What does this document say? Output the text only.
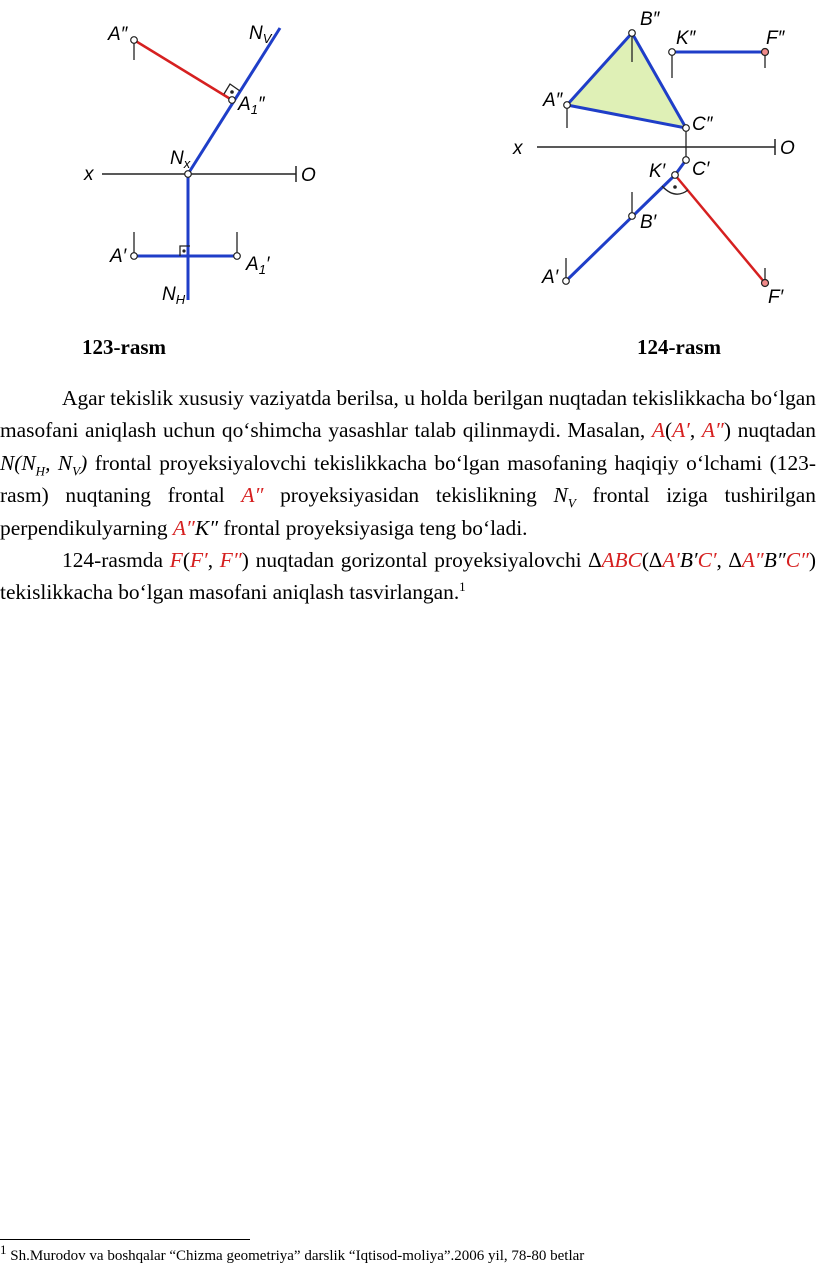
A″	$N_V$
$A_1''$
$N_x$
x	O
A′	$A_1'$
$N_H$
B″
K″	F″
A″
C″
x	O
K′ C′
B′
A′
F′
123-rasm	124-rasm

Agar tekislik xususiy vaziyatda berilsa, u holda berilgan nuqtadan tekislikkacha bo‘lgan masofani aniqlash uchun qo‘shimcha yasashlar talab qilinmaydi. Masalan, A(A′, A″) nuqtadan $N(N_H$, $N_V$) frontal proyeksiyalovchi tekislikkacha bo‘lgan masofaning haqiqiy o‘lchami (123-rasm) nuqtaning frontal A″ proyeksiyasidan tekislikning $N_V$ frontal iziga tushirilgan perpendikulyarning A″K″ frontal proyeksiyasiga teng bo‘ladi.

124-rasmda F(F′, F″) nuqtadan gorizontal proyeksiyalovchi ∆ABC(∆A′B′C′, ∆A″B″C″) tekislikkacha bo‘lgan masofani aniqlash tasvirlangan.$^1$

$^1$ Sh.Murodov va boshqalar “Chizma geometriya” darslik “Iqtisod-moliya”.2006 yil, 78-80 betlar
